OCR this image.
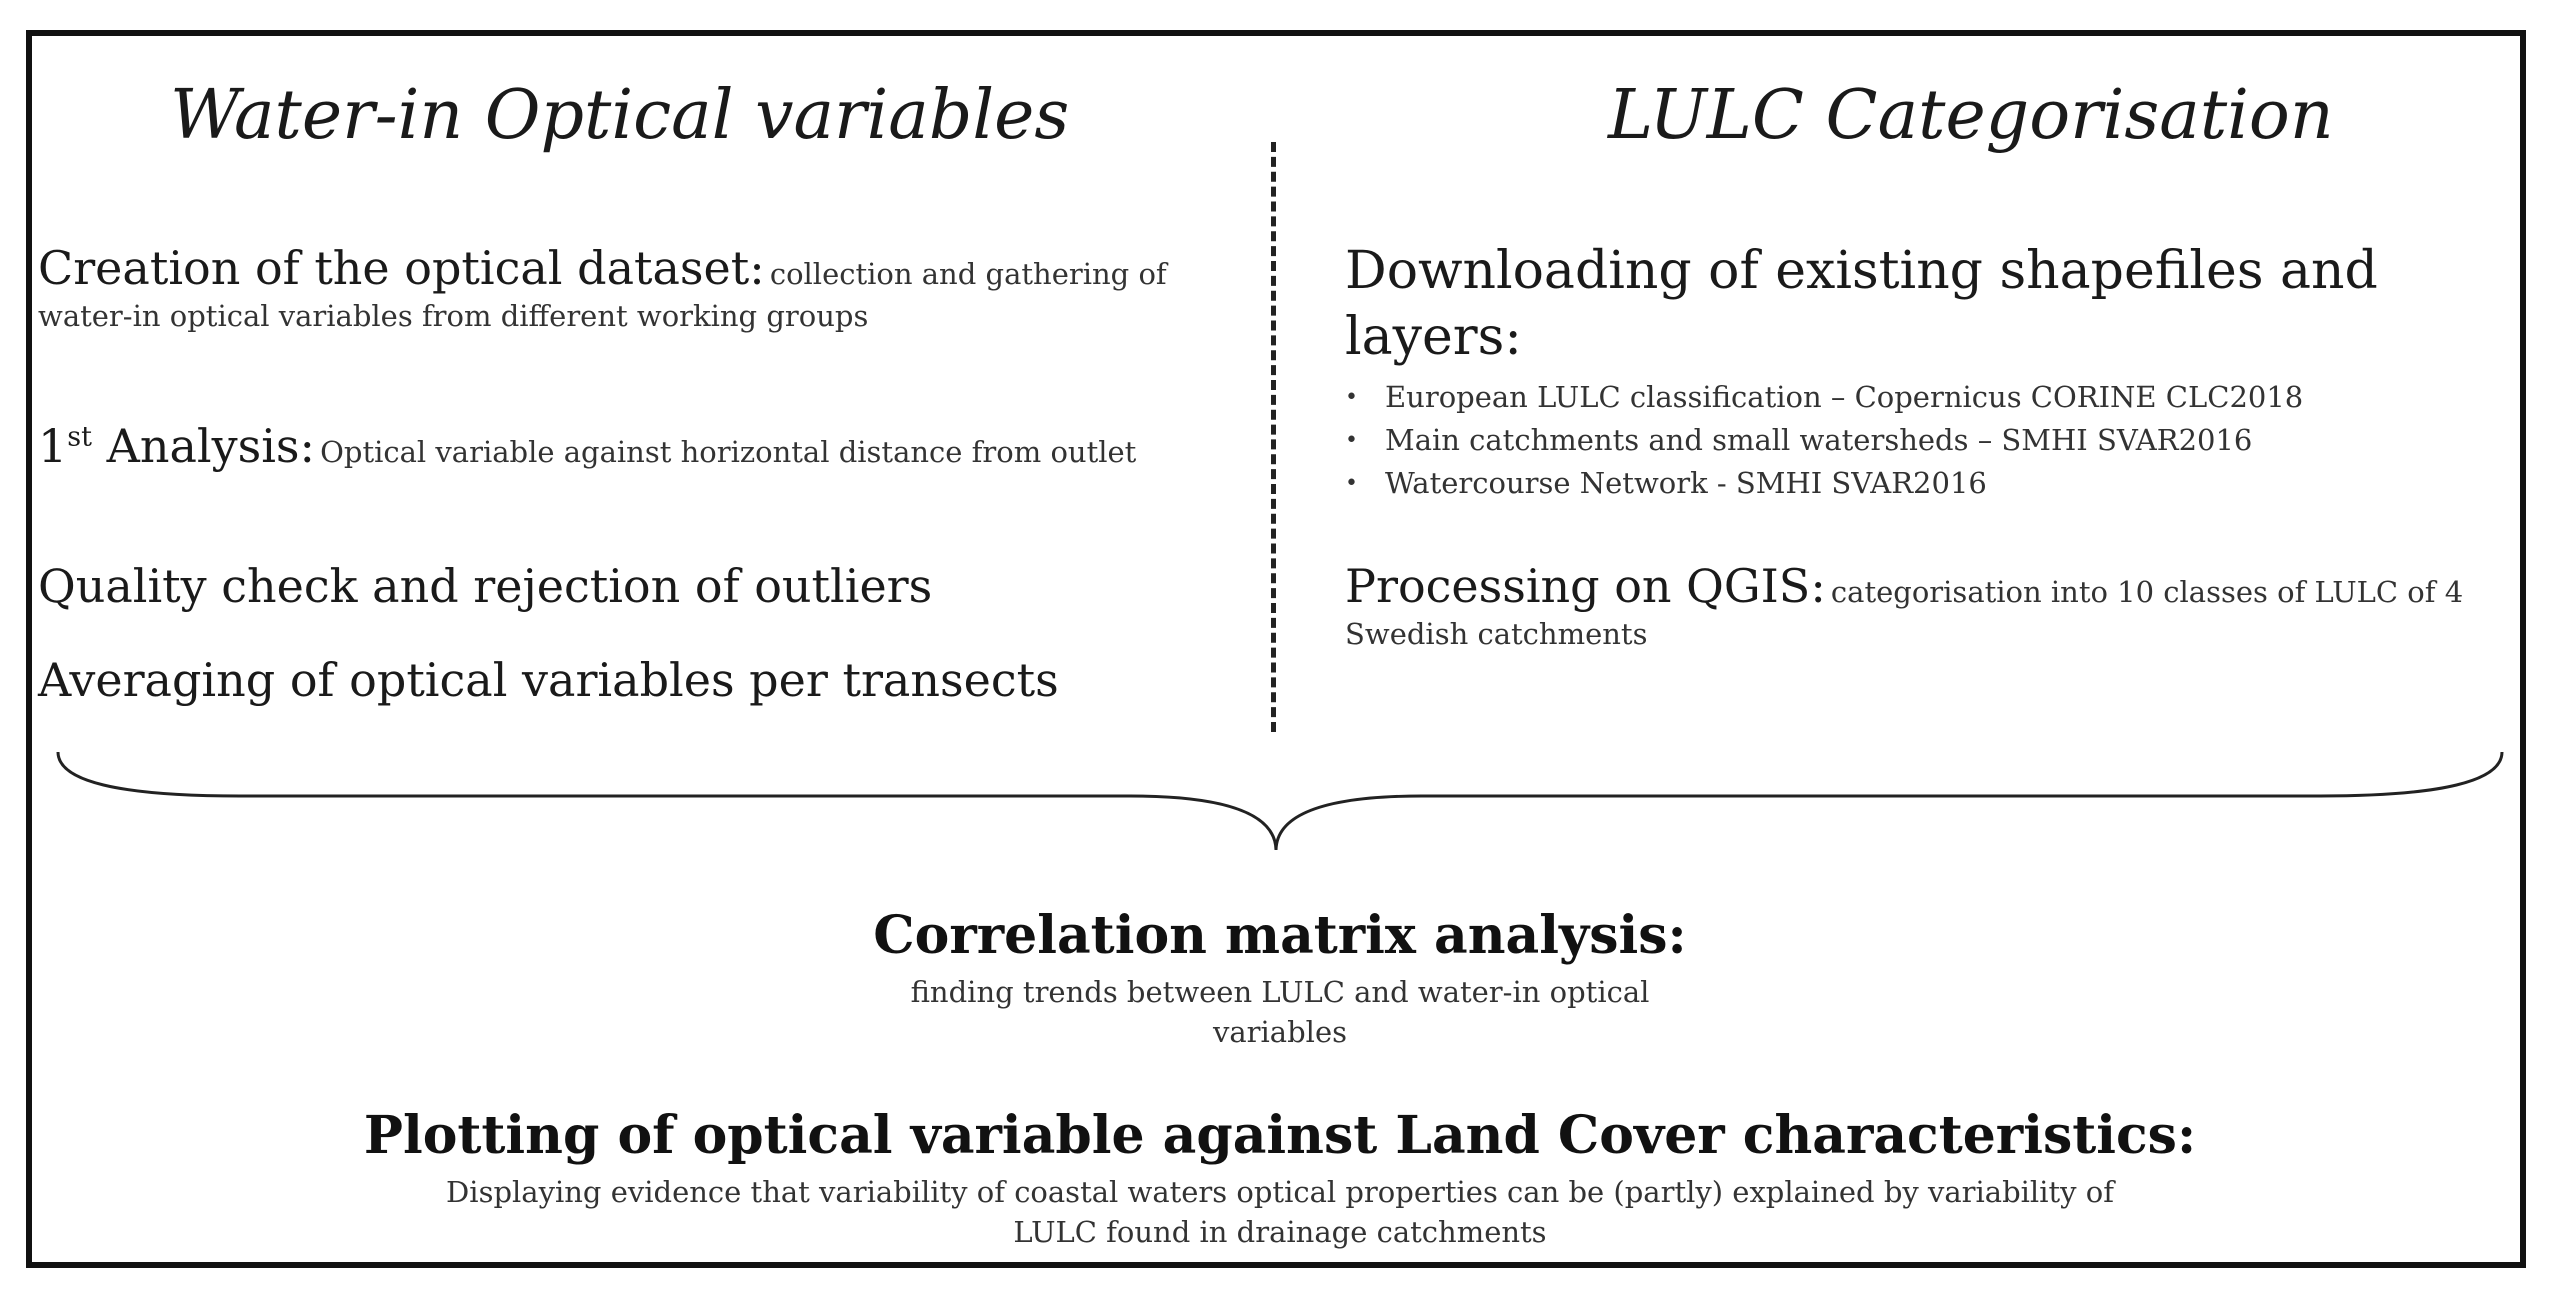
Water-in Optical variables
Creation of the optical dataset: collection and gathering of water-in optical variables from different working groups
1st Analysis: Optical variable against horizontal distance from outlet
Quality check and rejection of outliers
Averaging of optical variables per transects
LULC Categorisation
Downloading of existing shapefiles and layers:
• European LULC classification – Copernicus CORINE CLC2018
• Main catchments and small watersheds – SMHI SVAR2016
• Watercourse Network - SMHI SVAR2016
Processing on QGIS: categorisation into 10 classes of LULC of 4 Swedish catchments
Correlation matrix analysis:
finding trends between LULC and water-in optical
variables
Plotting of optical variable against Land Cover characteristics:
Displaying evidence that variability of coastal waters optical properties can be (partly) explained by variability of
LULC found in drainage catchments
